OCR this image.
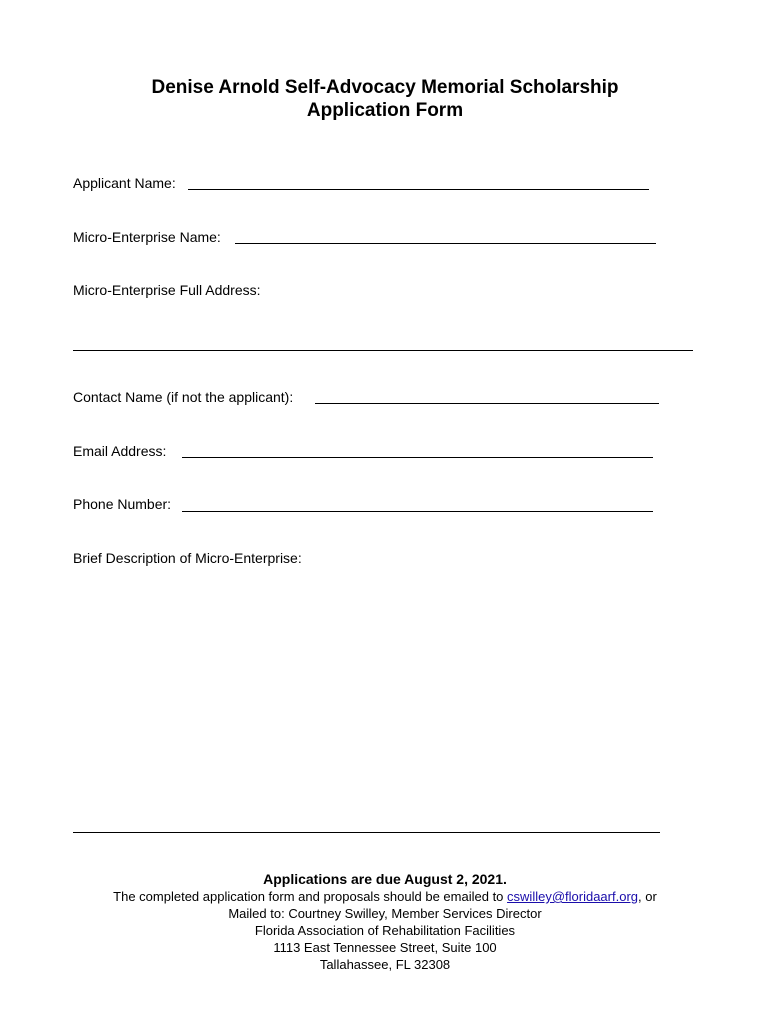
Denise Arnold Self-Advocacy Memorial Scholarship
Application Form
Applicant Name:
Micro-Enterprise Name:
Micro-Enterprise Full Address:
Contact Name (if not the applicant):
Email Address:
Phone Number:
Brief Description of Micro-Enterprise:
Applications are due August 2, 2021.
The completed application form and proposals should be emailed to cswilley@floridaarf.org, or
Mailed to: Courtney Swilley, Member Services Director
Florida Association of Rehabilitation Facilities
1113 East Tennessee Street, Suite 100
Tallahassee, FL 32308
